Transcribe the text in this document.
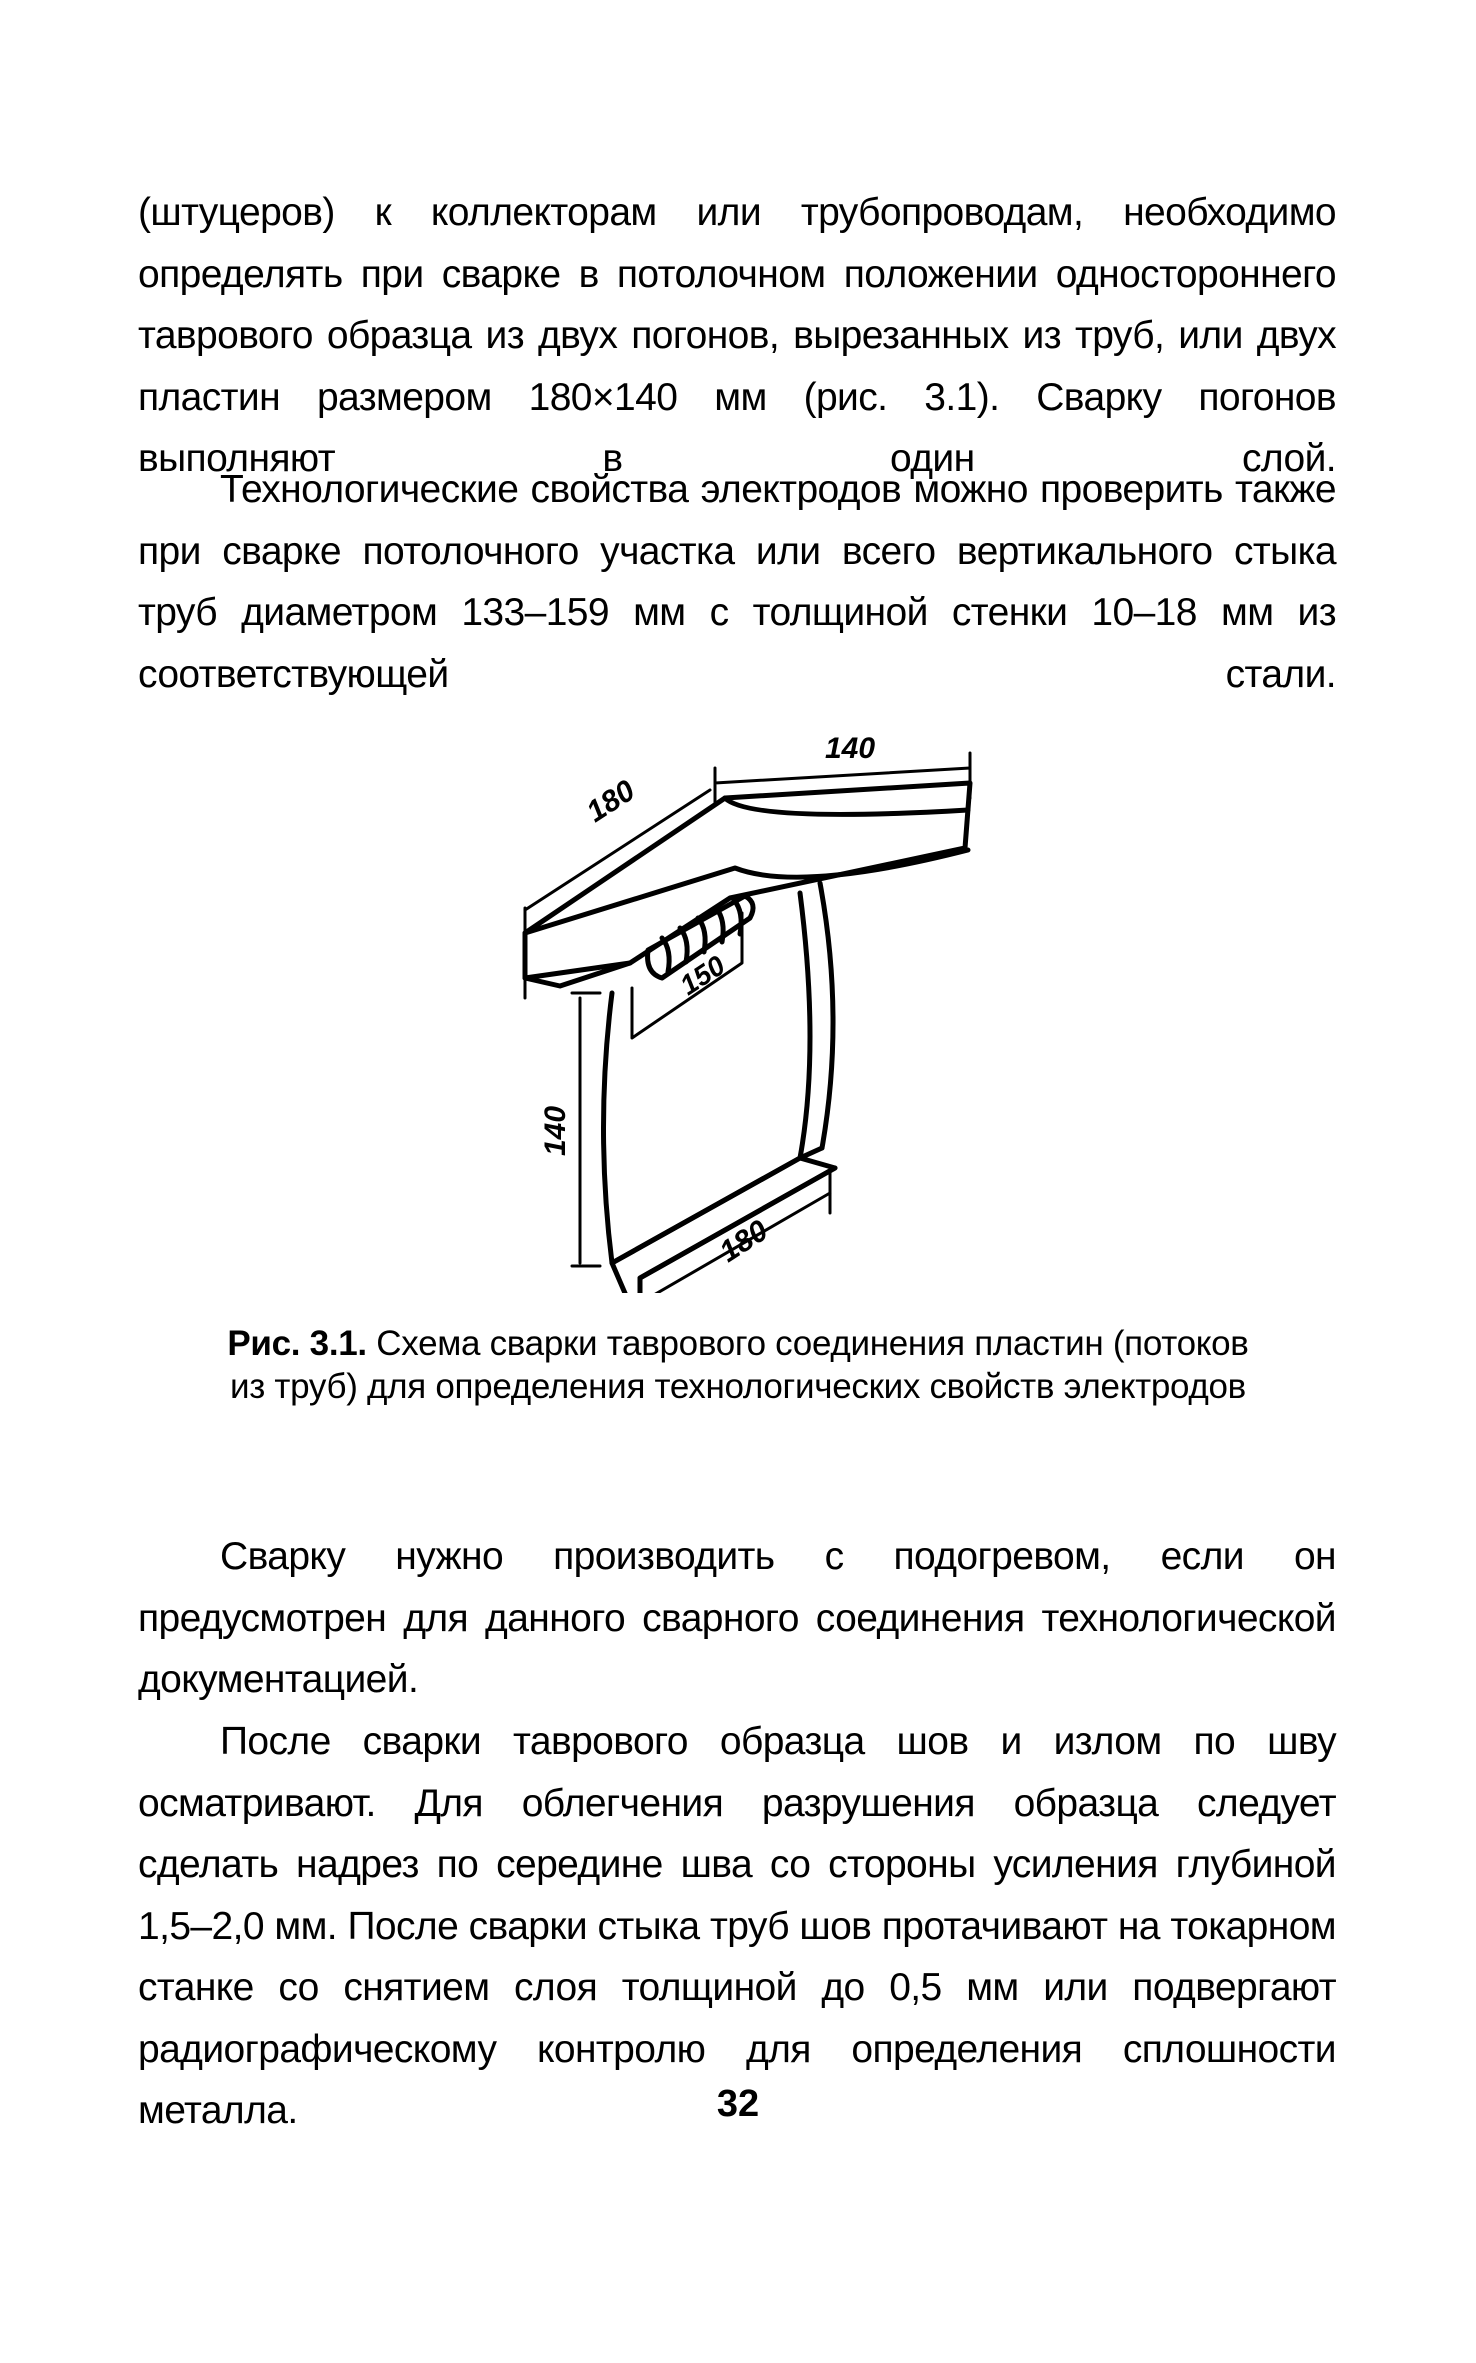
(штуцеров) к коллекторам или трубопроводам, необходимо определять при сварке в потолочном положении одностороннего таврового образца из двух погонов, вырезанных из труб, или двух пластин размером 180×140 мм (рис. 3.1). Сварку погонов выполняют в один слой.

Технологические свойства электродов можно проверить также при сварке потолочного участка или всего вертикального стыка труб диаметром 133–159 мм с толщиной стенки 10–18 мм из соответствующей стали.

180
140
150
140
180
Рис. 3.1. Схема сварки таврового соединения пластин (потоков из труб) для определения технологических свойств электродов

Сварку нужно производить с подогревом, если он предусмотрен для данного сварного соединения технологической документацией.

После сварки таврового образца шов и излом по шву осматривают. Для облегчения разрушения образца следует сделать надрез по середине шва со стороны усиления глубиной 1,5–2,0 мм. После сварки стыка труб шов протачивают на токарном станке со снятием слоя толщиной до 0,5 мм или подвергают радиографическому контролю для определения сплошности металла.	32
